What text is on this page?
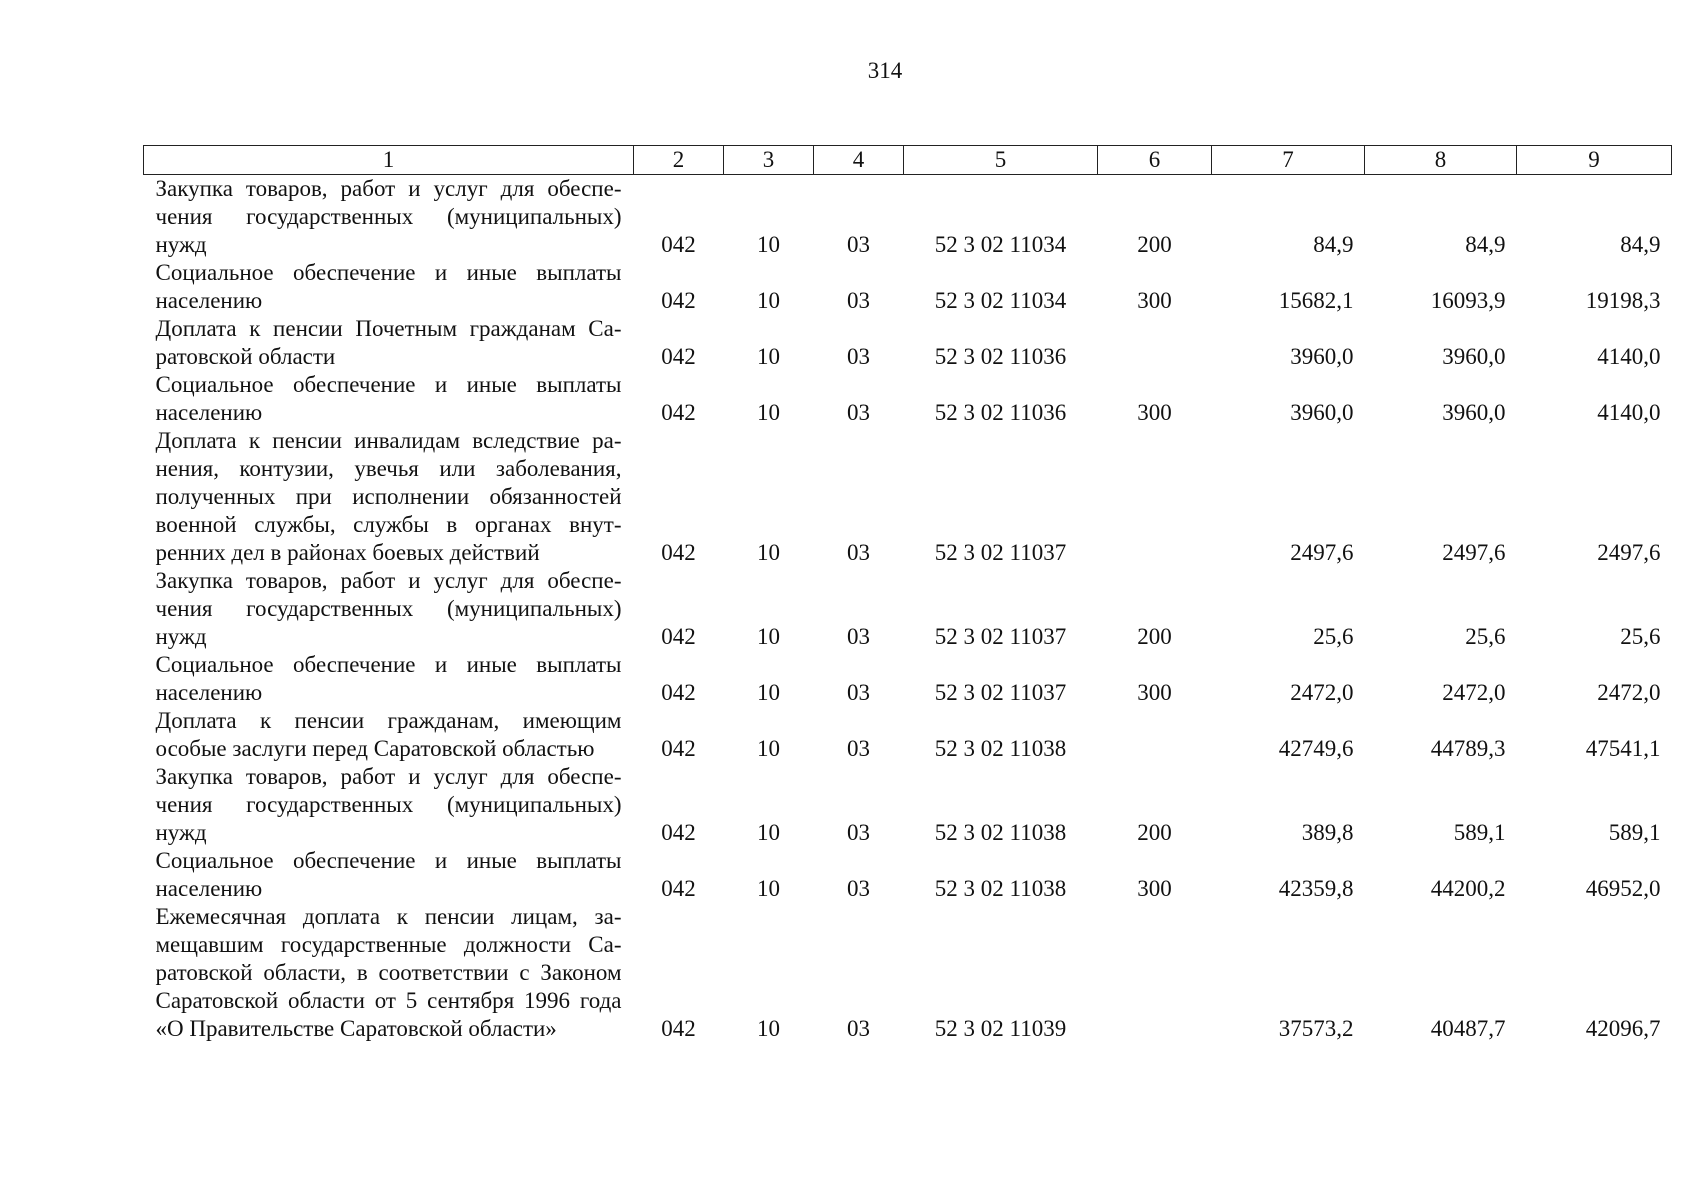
314
1	2	3	4	5	6	7	8	9
Закупка товаров, работ и услуг для обеспечения государственных (муниципальных) нужд	042	10	03	52 3 02 11034	200	84,9	84,9	84,9
Социальное обеспечение и иные выплаты населению	042	10	03	52 3 02 11034	300	15682,1	16093,9	19198,3
Доплата к пенсии Почетным гражданам Саратовской области	042	10	03	52 3 02 11036		3960,0	3960,0	4140,0
Социальное обеспечение и иные выплаты населению	042	10	03	52 3 02 11036	300	3960,0	3960,0	4140,0
Доплата к пенсии инвалидам вследствие ранения, контузии, увечья или заболевания, полученных при исполнении обязанностей военной службы, службы в органах внутренних дел в районах боевых действий	042	10	03	52 3 02 11037		2497,6	2497,6	2497,6
Закупка товаров, работ и услуг для обеспечения государственных (муниципальных) нужд	042	10	03	52 3 02 11037	200	25,6	25,6	25,6
Социальное обеспечение и иные выплаты населению	042	10	03	52 3 02 11037	300	2472,0	2472,0	2472,0
Доплата к пенсии гражданам, имеющим особые заслуги перед Саратовской областью	042	10	03	52 3 02 11038		42749,6	44789,3	47541,1
Закупка товаров, работ и услуг для обеспечения государственных (муниципальных) нужд	042	10	03	52 3 02 11038	200	389,8	589,1	589,1
Социальное обеспечение и иные выплаты населению	042	10	03	52 3 02 11038	300	42359,8	44200,2	46952,0
Ежемесячная доплата к пенсии лицам, замещавшим государственные должности Саратовской области, в соответствии с Законом Саратовской области от 5 сентября 1996 года «О Правительстве Саратовской области»	042	10	03	52 3 02 11039		37573,2	40487,7	42096,7
